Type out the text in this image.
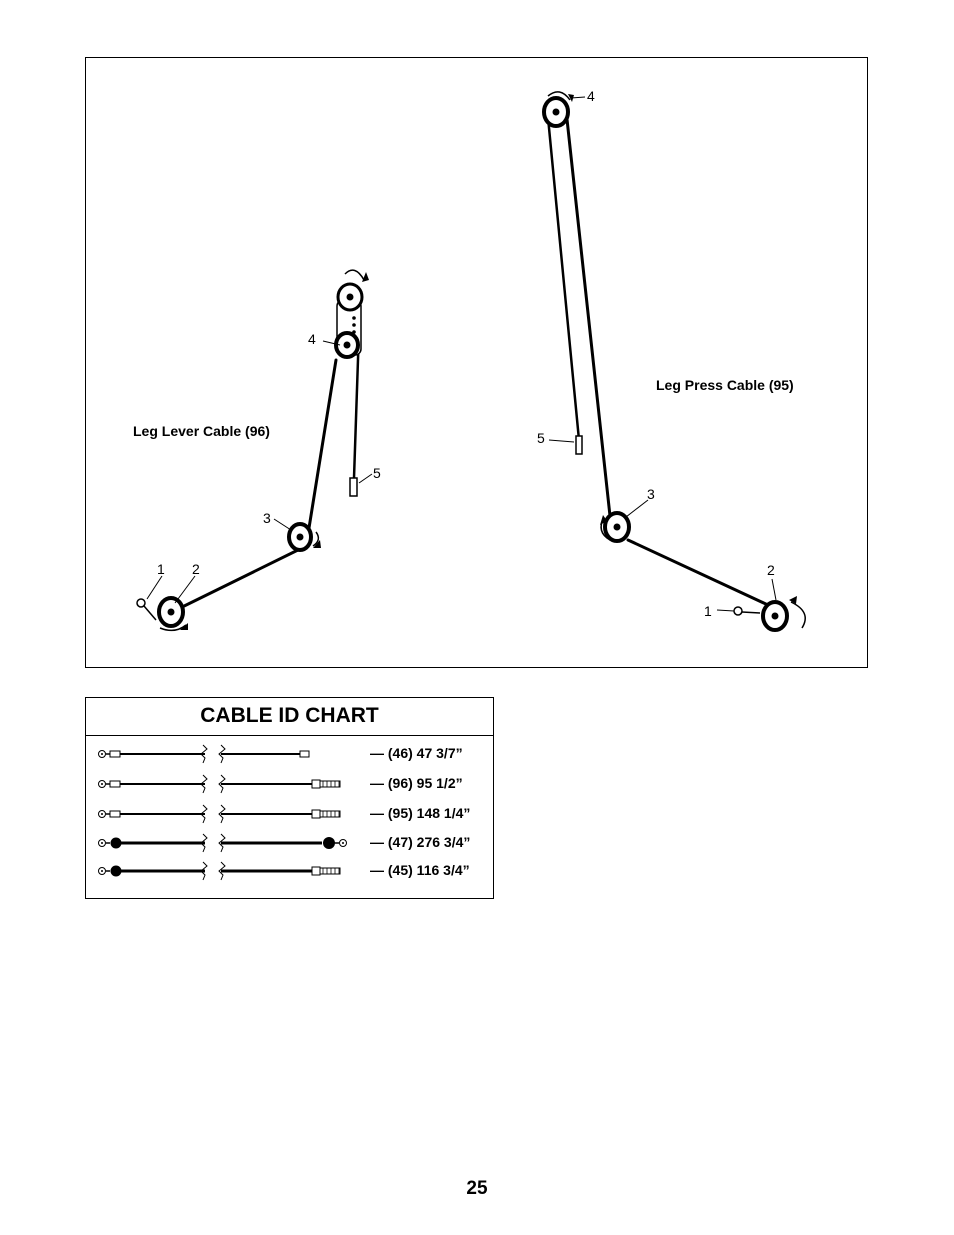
Leg Lever Cable (96)
Leg Press Cable (95)
1 2
3
4
5
1
2
3
4
5
CABLE ID CHART
— (46) 47 3/7”
— (96) 95 1/2”
— (95) 148 1/4”
— (47) 276 3/4”
— (45) 116 3/4”
25
